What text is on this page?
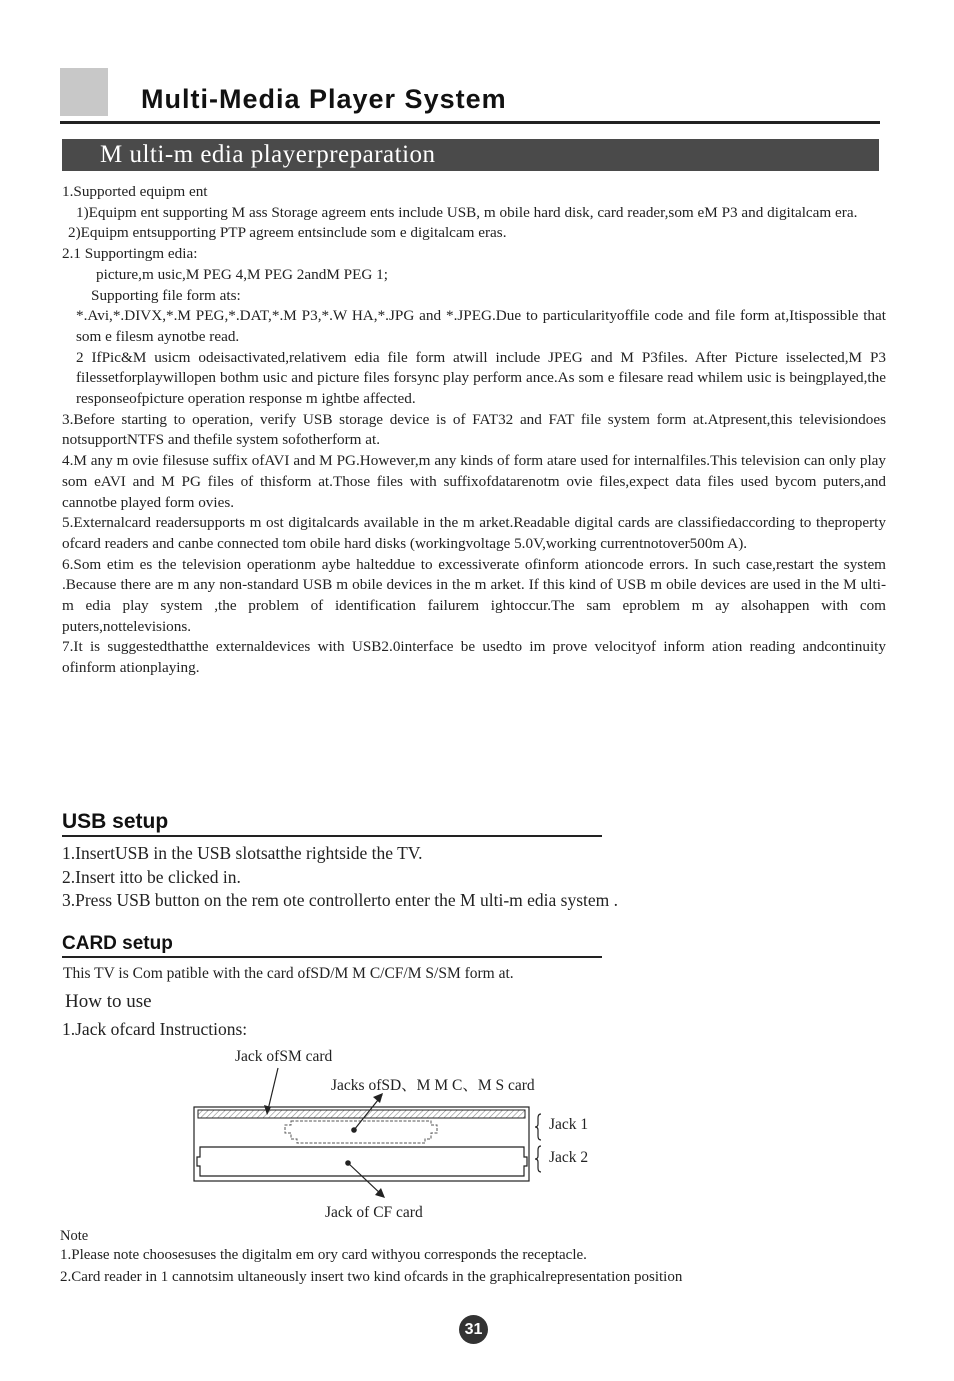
Multi-Media Player System
M ulti-m edia playerpreparation

1.Supported equipm ent

1)Equipm ent supporting M ass Storage agreem ents include USB, m obile hard disk, card reader,som eM P3 and digitalcam era.

2)Equipm entsupporting PTP agreem entsinclude som e digitalcam eras.

2.1 Supportingm edia:

picture,m usic,M PEG 4,M PEG 2andM PEG 1;

Supporting file form ats:

*.Avi,*.DIVX,*.M PEG,*.DAT,*.M P3,*.W HA,*.JPG and *.JPEG.Due to particularityoffile code and file form at,Itispossible that som e filesm aynotbe read.

2 IfPic&M usicm odeisactivated,relativem edia file form atwill include JPEG and M P3files. After Picture isselected,M P3 filessetforplaywillopen bothm usic and picture files forsync play perform ance.As som e filesare read whilem usic is beingplayed,the responseofpicture operation response m ightbe affected.

3.Before starting to operation, verify USB storage device is of FAT32 and FAT file system form at.Atpresent,this televisiondoes notsupportNTFS and thefile system sofotherform at.

4.M any m ovie filesuse suffix ofAVI and M PG.However,m any kinds of form atare used for internalfiles.This television can only play som eAVI and M PG files of thisform at.Those files with suffixofdatarenotm ovie files,expect data files used bycom puters,and cannotbe played form ovies.

5.Externalcard readersupports m ost digitalcards available in the m arket.Readable digital cards are classifiedaccording to theproperty ofcard readers and canbe connected tom obile hard disks (workingvoltage 5.0V,working currentnotover500m A).

6.Som etim es the television operationm aybe halteddue to excessiverate ofinform ationcode errors. In such case,restart the system .Because there are m any non-standard USB m obile devices in the m arket. If this kind of USB m obile devices are used in the M ulti-m edia play system ,the problem of identification failurem ightoccur.The sam eproblem m ay alsohappen with com puters,nottelevisions.

7.It is suggestedthatthe externaldevices with USB2.0interface be usedto im prove velocityof inform ation reading andcontinuity ofinform ationplaying.

USB setup
1.InsertUSB in the USB slotsatthe rightside the TV.
2.Insert itto be clicked in.
3.Press USB button on the rem ote controllerto enter the M ulti-m edia system .
CARD setup
This TV is Com patible with the card ofSD/M M C/CF/M S/SM form at.
How to use
1.Jack ofcard Instructions:
Jack ofSM card
Jacks ofSD、M M C、M S card
Jack 1
Jack 2
Jack of CF card
Note
1.Please note choosesuses the digitalm em ory card withyou corresponds the receptacle.
2.Card reader in 1 cannotsim ultaneously insert two kind ofcards in the graphicalrepresentation position
31
